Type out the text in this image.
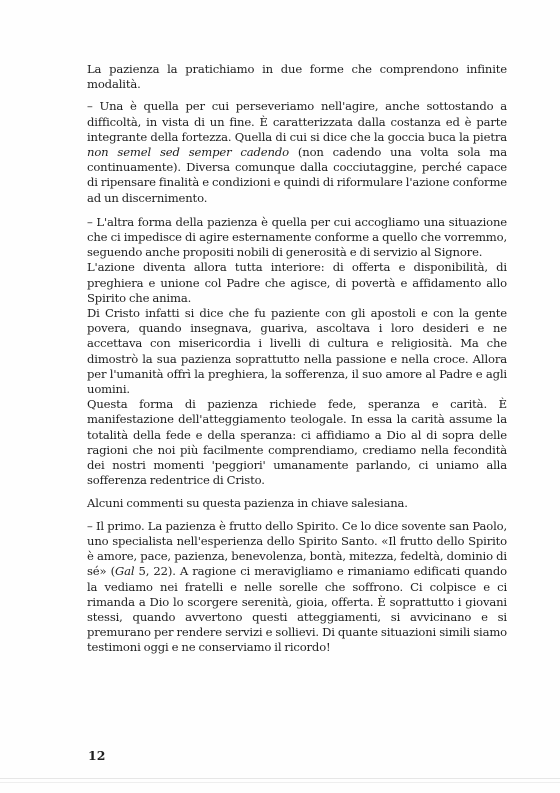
La pazienza la pratichiamo in due forme che comprendono infinite modalità.

– Una è quella per cui perseveriamo nell'agire, anche sottostando a difficoltà, in vista di un fine. È caratterizzata dalla costanza ed è parte integrante della fortezza. Quella di cui si dice che la goccia buca la pietra non semel sed semper cadendo (non cadendo una volta sola ma continuamente). Diversa comunque dalla cocciutaggine, perché capace di ripensare finalità e condizioni e quindi di riformulare l'azione conforme ad un discernimento.

– L'altra forma della pazienza è quella per cui accogliamo una situazione che ci impedisce di agire esternamente conforme a quello che vorremmo, seguendo anche propositi nobili di generosità e di servizio al Signore.

L'azione diventa allora tutta interiore: di offerta e disponibilità, di preghiera e unione col Padre che agisce, di povertà e affidamento allo Spirito che anima.

Di Cristo infatti si dice che fu paziente con gli apostoli e con la gente povera, quando insegnava, guariva, ascoltava i loro desideri e ne accettava con misericordia i livelli di cultura e religiosità. Ma che dimostrò la sua pazienza soprattutto nella passione e nella croce. Allora per l'umanità offrì la preghiera, la sofferenza, il suo amore al Padre e agli uomini.

Questa forma di pazienza richiede fede, speranza e carità. È manifestazione dell'atteggiamento teologale. In essa la carità assume la totalità della fede e della speranza: ci affidiamo a Dio al di sopra delle ragioni che noi più facilmente comprendiamo, crediamo nella fecondità dei nostri momenti 'peggiori' umanamente parlando, ci uniamo alla sofferenza redentrice di Cristo.

Alcuni commenti su questa pazienza in chiave salesiana.

– Il primo. La pazienza è frutto dello Spirito. Ce lo dice sovente san Paolo, uno specialista nell'esperienza dello Spirito Santo. «Il frutto dello Spirito è amore, pace, pazienza, benevolenza, bontà, mitezza, fedeltà, dominio di sé» (Gal 5, 22). A ragione ci meravigliamo e rimaniamo edificati quando la vediamo nei fratelli e nelle sorelle che soffrono. Ci colpisce e ci rimanda a Dio lo scorgere serenità, gioia, offerta. È soprattutto i giovani stessi, quando avvertono questi atteggiamenti, si avvicinano e si premurano per rendere servizi e sollievi. Di quante situazioni simili siamo testimoni oggi e ne conserviamo il ricordo!

12
